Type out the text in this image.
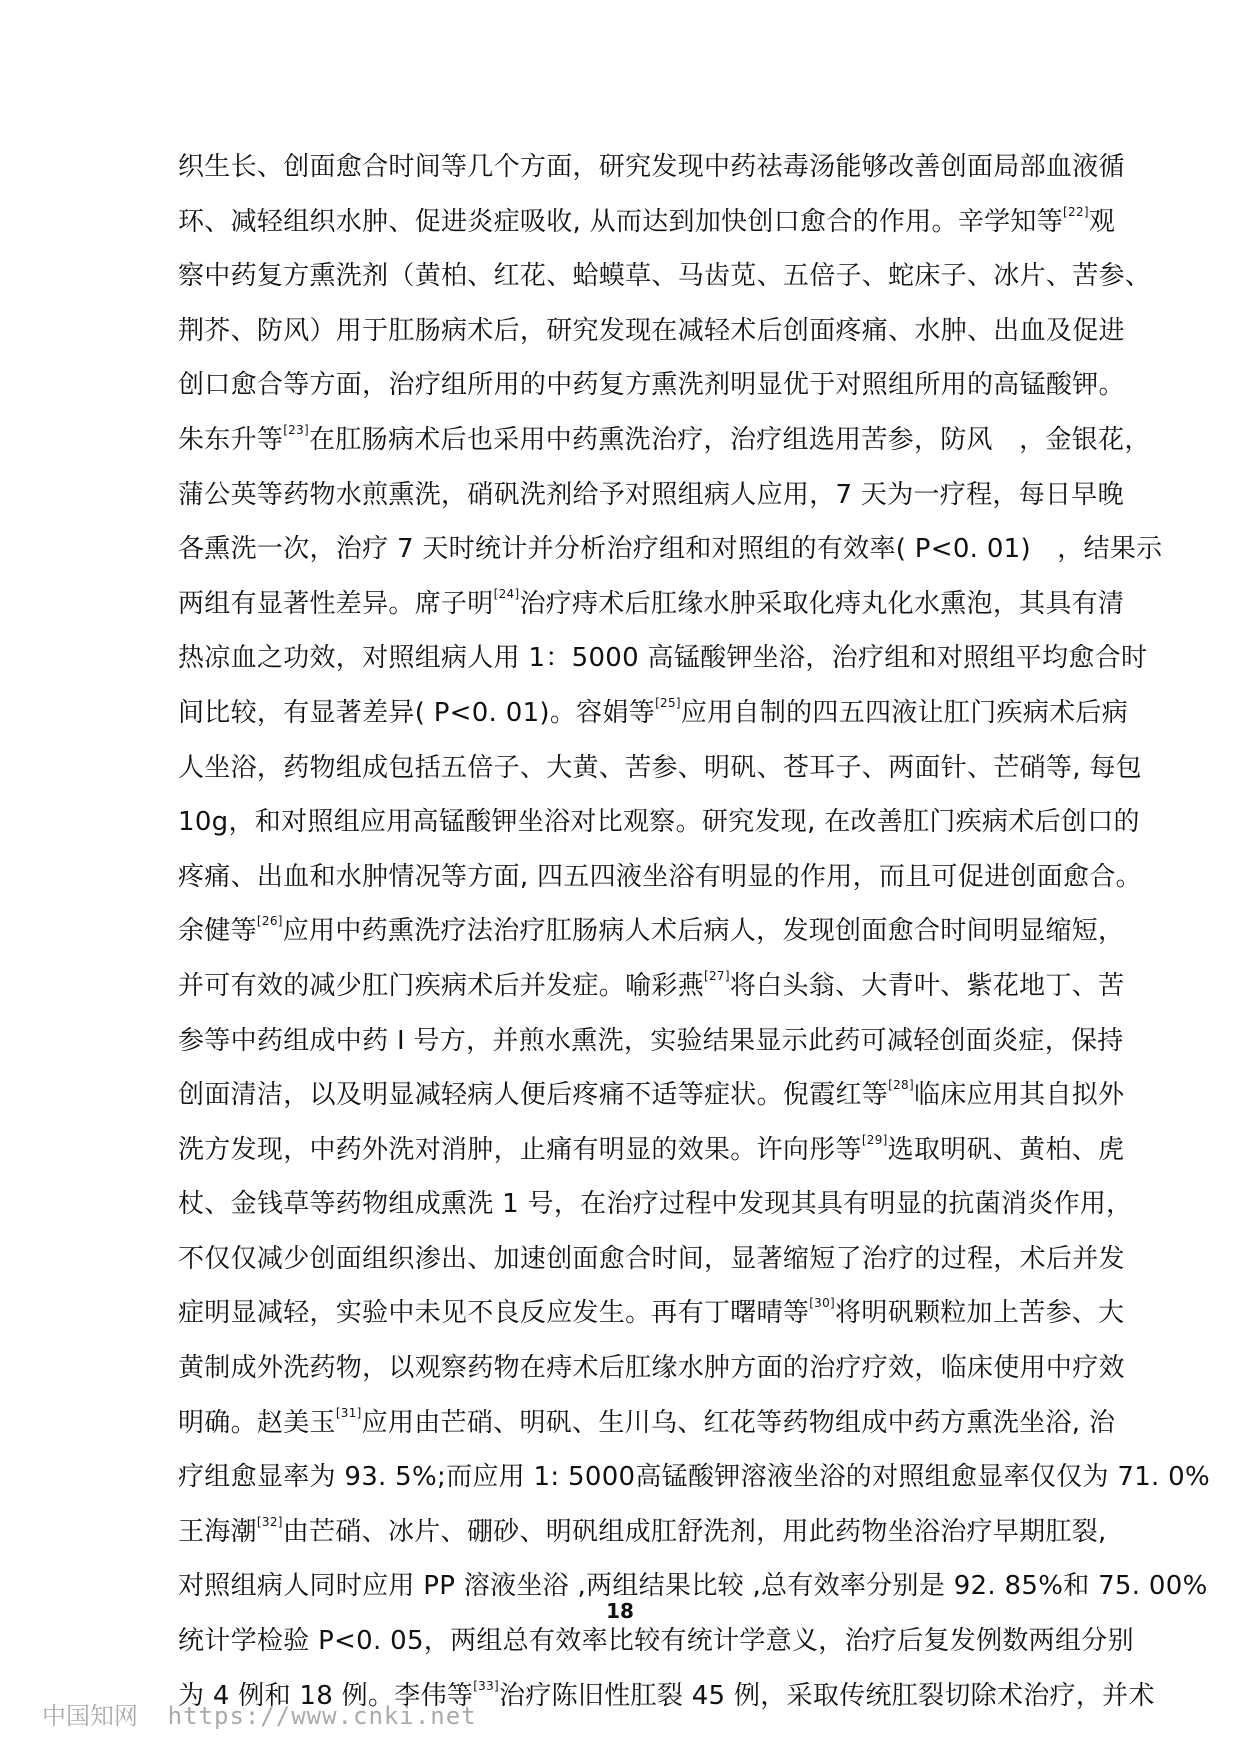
织生长、创面愈合时间等几个方面，研究发现中药祛毒汤能够改善创面局部血液循
环、减轻组织水肿、促进炎症吸收, 从而达到加快创口愈合的作用。辛学知等[22]观
察中药复方熏洗剂（黄柏、红花、蛤蟆草、马齿苋、五倍子、蛇床子、冰片、苦参、
荆芥、防风）用于肛肠病术后，研究发现在减轻术后创面疼痛、水肿、出血及促进
创口愈合等方面，治疗组所用的中药复方熏洗剂明显优于对照组所用的高锰酸钾。
朱东升等[23]在肛肠病术后也采用中药熏洗治疗，治疗组选用苦参，防风　，金银花，
蒲公英等药物水煎熏洗，硝矾洗剂给予对照组病人应用，7 天为一疗程，每日早晚
各熏洗一次，治疗 7 天时统计并分析治疗组和对照组的有效率( P<0. 01)　，结果示
两组有显著性差异。席子明[24]治疗痔术后肛缘水肿采取化痔丸化水熏泡，其具有清
热凉血之功效，对照组病人用 1：5000 高锰酸钾坐浴，治疗组和对照组平均愈合时
间比较，有显著差异( P<0. 01)。容娟等[25]应用自制的四五四液让肛门疾病术后病
人坐浴，药物组成包括五倍子、大黄、苦参、明矾、苍耳子、两面针、芒硝等, 每包
10g，和对照组应用高锰酸钾坐浴对比观察。研究发现, 在改善肛门疾病术后创口的
疼痛、出血和水肿情况等方面, 四五四液坐浴有明显的作用，而且可促进创面愈合。
余健等[26]应用中药熏洗疗法治疗肛肠病人术后病人，发现创面愈合时间明显缩短，
并可有效的减少肛门疾病术后并发症。喻彩燕[27]将白头翁、大青叶、紫花地丁、苦
参等中药组成中药 I 号方，并煎水熏洗，实验结果显示此药可减轻创面炎症，保持
创面清洁，以及明显减轻病人便后疼痛不适等症状。倪霞红等[28]临床应用其自拟外
洗方发现，中药外洗对消肿，止痛有明显的效果。许向彤等[29]选取明矾、黄柏、虎
杖、金钱草等药物组成熏洗 1 号，在治疗过程中发现其具有明显的抗菌消炎作用，
不仅仅减少创面组织渗出、加速创面愈合时间，显著缩短了治疗的过程，术后并发
症明显减轻，实验中未见不良反应发生。再有丁曙晴等[30]将明矾颗粒加上苦参、大
黄制成外洗药物，以观察药物在痔术后肛缘水肿方面的治疗疗效，临床使用中疗效
明确。赵美玉[31]应用由芒硝、明矾、生川乌、红花等药物组成中药方熏洗坐浴, 治
疗组愈显率为 93. 5%;而应用 1: 5000高锰酸钾溶液坐浴的对照组愈显率仅仅为 71. 0%
王海潮[32]由芒硝、冰片、硼砂、明矾组成肛舒洗剂，用此药物坐浴治疗早期肛裂,
对照组病人同时应用 PP 溶液坐浴 ,两组结果比较 ,总有效率分别是 92. 85%和 75. 00%
统计学检验 P<0. 05，两组总有效率比较有统计学意义，治疗后复发例数两组分别
为 4 例和 18 例。李伟等[33]治疗陈旧性肛裂 45 例，采取传统肛裂切除术治疗，并术
18
中国知网 https://www.cnki.net
